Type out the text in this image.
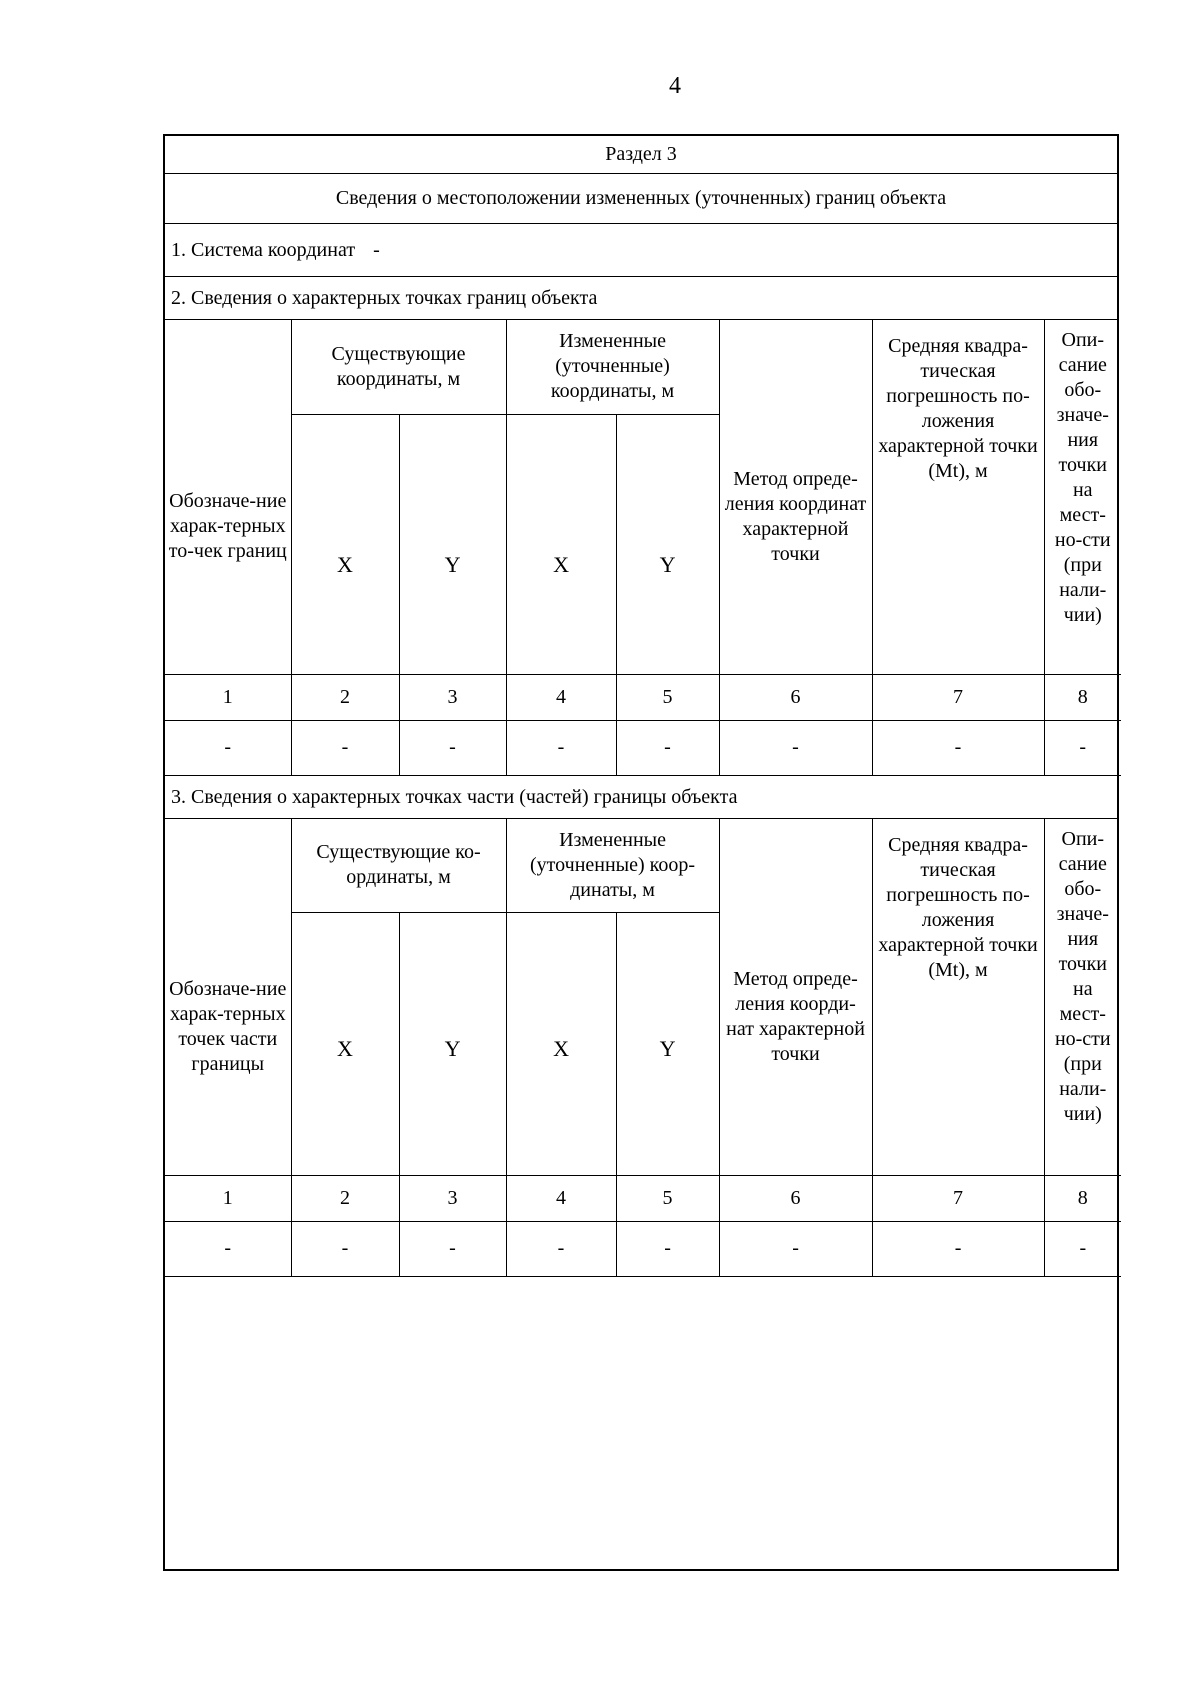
4
Раздел 3
Сведения о местоположении измененных (уточненных) границ объекта
1. Система координат -
2. Сведения о характерных точках границ объекта
Обозначе-ние харак-терных то-чек границ	Существующие координаты, м		Измененные (уточненные) координаты, м		Метод опреде-ления координат характерной точки	Средняя квадра-тическая погрешность по-ложения характерной точки (Mt), м	Опи-сание обо-значе-ния точки на мест-но-сти (при нали-чии)
	X	Y	X	Y			
1	2	3	4	5	6	7	8
-	-	-	-	-	-	-	-
3. Сведения о характерных точках части (частей) границы объекта
Обозначе-ние харак-терных точек части границы	Существующие ко-ординаты, м		Измененные (уточненные) коор-динаты, м		Метод опреде-ления коорди-нат характерной точки	Средняя квадра-тическая погрешность по-ложения характерной точки (Mt), м	Опи-сание обо-значе-ния точки на мест-но-сти (при нали-чии)
	X	Y	X	Y			
1	2	3	4	5	6	7	8
-	-	-	-	-	-	-	-
